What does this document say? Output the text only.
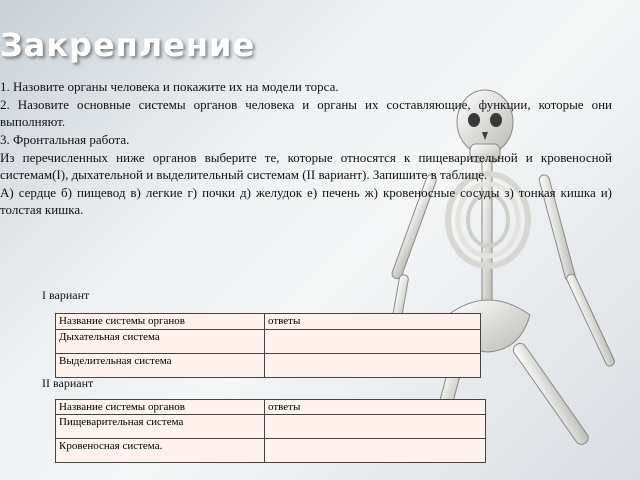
Закрепление

1. Назовите органы человека и покажите их на модели торса.

2. Назовите основные системы органов человека и органы их составляющие, функции, которые они выполняют.

3. Фронтальная работа.

Из перечисленных ниже органов выберите те, которые относятся к пищеварительной и кровеносной системам(I), дыхательной и выделительный системам (II вариант). Запишите в таблице.

А) сердце б) пищевод в) легкие г) почки д) желудок е) печень ж) кровеносные сосуды з) тонкая кишка и) толстая кишка.

I вариант
Название системы органов	ответы
Дыхательная система	
Выделительная система	
II вариант
Название системы органов	ответы
Пищеварительная система	
Кровеносная система.	
